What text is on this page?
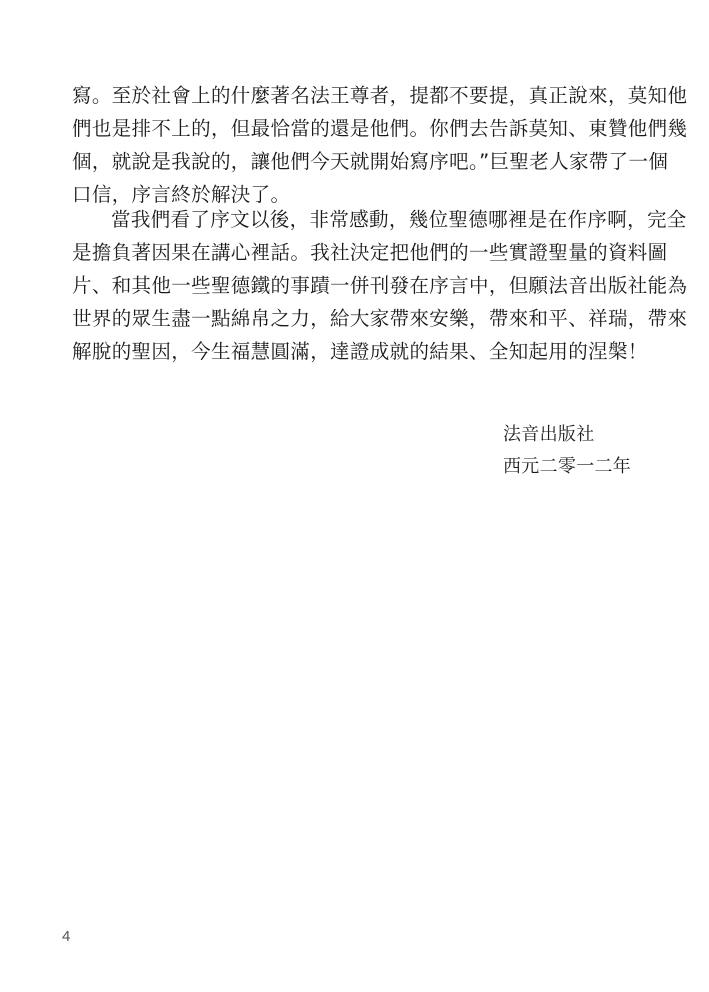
寫。至於社會上的什麼著名法王尊者，提都不要提，真正說來，莫知他
們也是排不上的，但最恰當的還是他們。你們去告訴莫知、東贊他們幾
個，就說是我說的，讓他們今天就開始寫序吧。”巨聖老人家帶了一個
口信，序言終於解決了。
當我們看了序文以後，非常感動，幾位聖德哪裡是在作序啊，完全
是擔負著因果在講心裡話。我社決定把他們的一些實證聖量的資料圖
片、和其他一些聖德鐵的事蹟一併刊發在序言中，但願法音出版社能為
世界的眾生盡一點綿帛之力，給大家帶來安樂，帶來和平、祥瑞，帶來
解脫的聖因，今生福慧圓滿，達證成就的結果、全知起用的涅槃！
法音出版社
西元二零一二年
4
